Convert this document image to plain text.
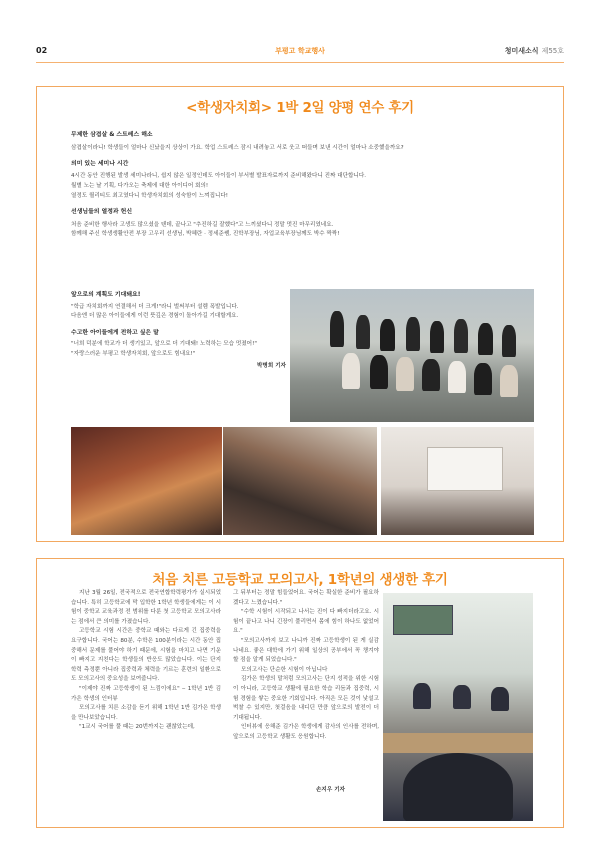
02	부평고 학교행사	청미새소식 제55호
<학생자치회> 1박 2일 양평 연수 후기
무제한 삼겹살 & 스트레스 해소
삼겹살이라니! 학생들이 얼마나 신났을지 상상이 가요. 학업 스트레스 잠시 내려놓고 서로 웃고 떠들며 보낸 시간이 얼마나 소중했을까요?
의미 있는 세미나 시간
4시간 동안 진행된 발생 세미나라니, 쉽지 않은 일정인데도 아이들이 부서별 발표자료까지 준비해왔다니 진짜 대단합니다.
월별 노는 날 기획, 다가오는 축제에 대한 아이디어 회의!
열정도 퀄리티도 최고였다니 학생자치회의 성숙함이 느껴집니다!
선생님들의 열정과 헌신
처음 준비한 행사라 고생도 많으셨을 텐데, 끝나고 "추진하길 잘했다"고 느끼셨다니 정말 멋진 마무리였네요.
함께해 주신 학생생활안전 부장 고우리 선생님, 박혜란 · 정세준쌤, 진학부장님, 자업교육부장님께도 박수 짝짝!
앞으로의 계획도 기대돼요!
"학급 자치회까지 연결해서 더 크게!"라니 벌써부터 설렘 폭발입니다.
다음엔 더 많은 아이들에게 이런 뜻깊은 경험이 돌아가길 기대할게요.
수고한 아이들에게 전하고 싶은 말
"너희 덕분에 학교가 더 생기있고, 앞으로 더 기대돼! 노력하는 모습 멋졌어!"
"자랑스러운 부평고 학생자치회, 앞으로도 힘내요!"
박병희 기자
처음 치른 고등학교 모의고사, 1학년의 생생한 후기
지난 3월 26일, 전국적으로 전국연합학력평가가 실시되었습니다. 특히 고등학교에 막 입학한 1학년 학생들에게는 이 시험이 중학교 교육과정 전 범위를 다룬 첫 고등학교 모의고사라는 점에서 큰 의미를 가졌습니다.
고등학교 시험 시간은 중학교 때와는 다르게 긴 집중력을 요구합니다. 국어는 80분, 수학은 100분이라는 시간 동안 집중해서 문제를 풀어야 하기 때문에, 시험을 마치고 나면 기운이 빠지고 지친다는 학생들의 반응도 많았습니다. 이는 단지 학력 측정뿐 아니라 집중력과 체력을 기르는 훈련의 일환으로도 모의고사의 중요성을 보여줍니다.
"이제야 진짜 고등학생이 된 느낌이에요" ‒ 1학년 1반 김가은 학생의 인터뷰
모의고사를 치른 소감을 듣기 위해 1학년 1반 김가은 학생을 만나보았습니다.
"1교시 국어를 풀 때는 20번까지는 괜찮았는데,
그 뒤부터는 정말 힘들었어요. 국어는 확실한 준비가 필요하겠다고 느꼈습니다."
"수학 시험이 시작되고 나서는 진이 다 빠지더라고요. 시험이 끝나고 나니 긴장이 풀리면서 몸에 힘이 하나도 없었어요."
"모의고사까지 보고 나니까 진짜 고등학생이 된 게 실감나네요. 좋은 대학에 가기 위해 일상의 공부에서 꼭 챙겨야 할 점을 알게 되었습니다."
모의고사는 단순한 시험이 아닙니다
김가은 학생의 말처럼 모의고사는 단지 성적을 위한 시험이 아니라, 고등학교 생활에 필요한 학습 리듬과 집중력, 시험 경험을 쌓는 중요한 기회입니다. 아직은 모든 것이 낯설고 벅찰 수 있지만, 첫걸음을 내디딘 만큼 앞으로의 발전이 더 기대됩니다.
인터뷰에 응해준 김가은 학생에게 감사의 인사를 전하며, 앞으로의 고등학교 생활도 응원합니다.
손지우 기자
